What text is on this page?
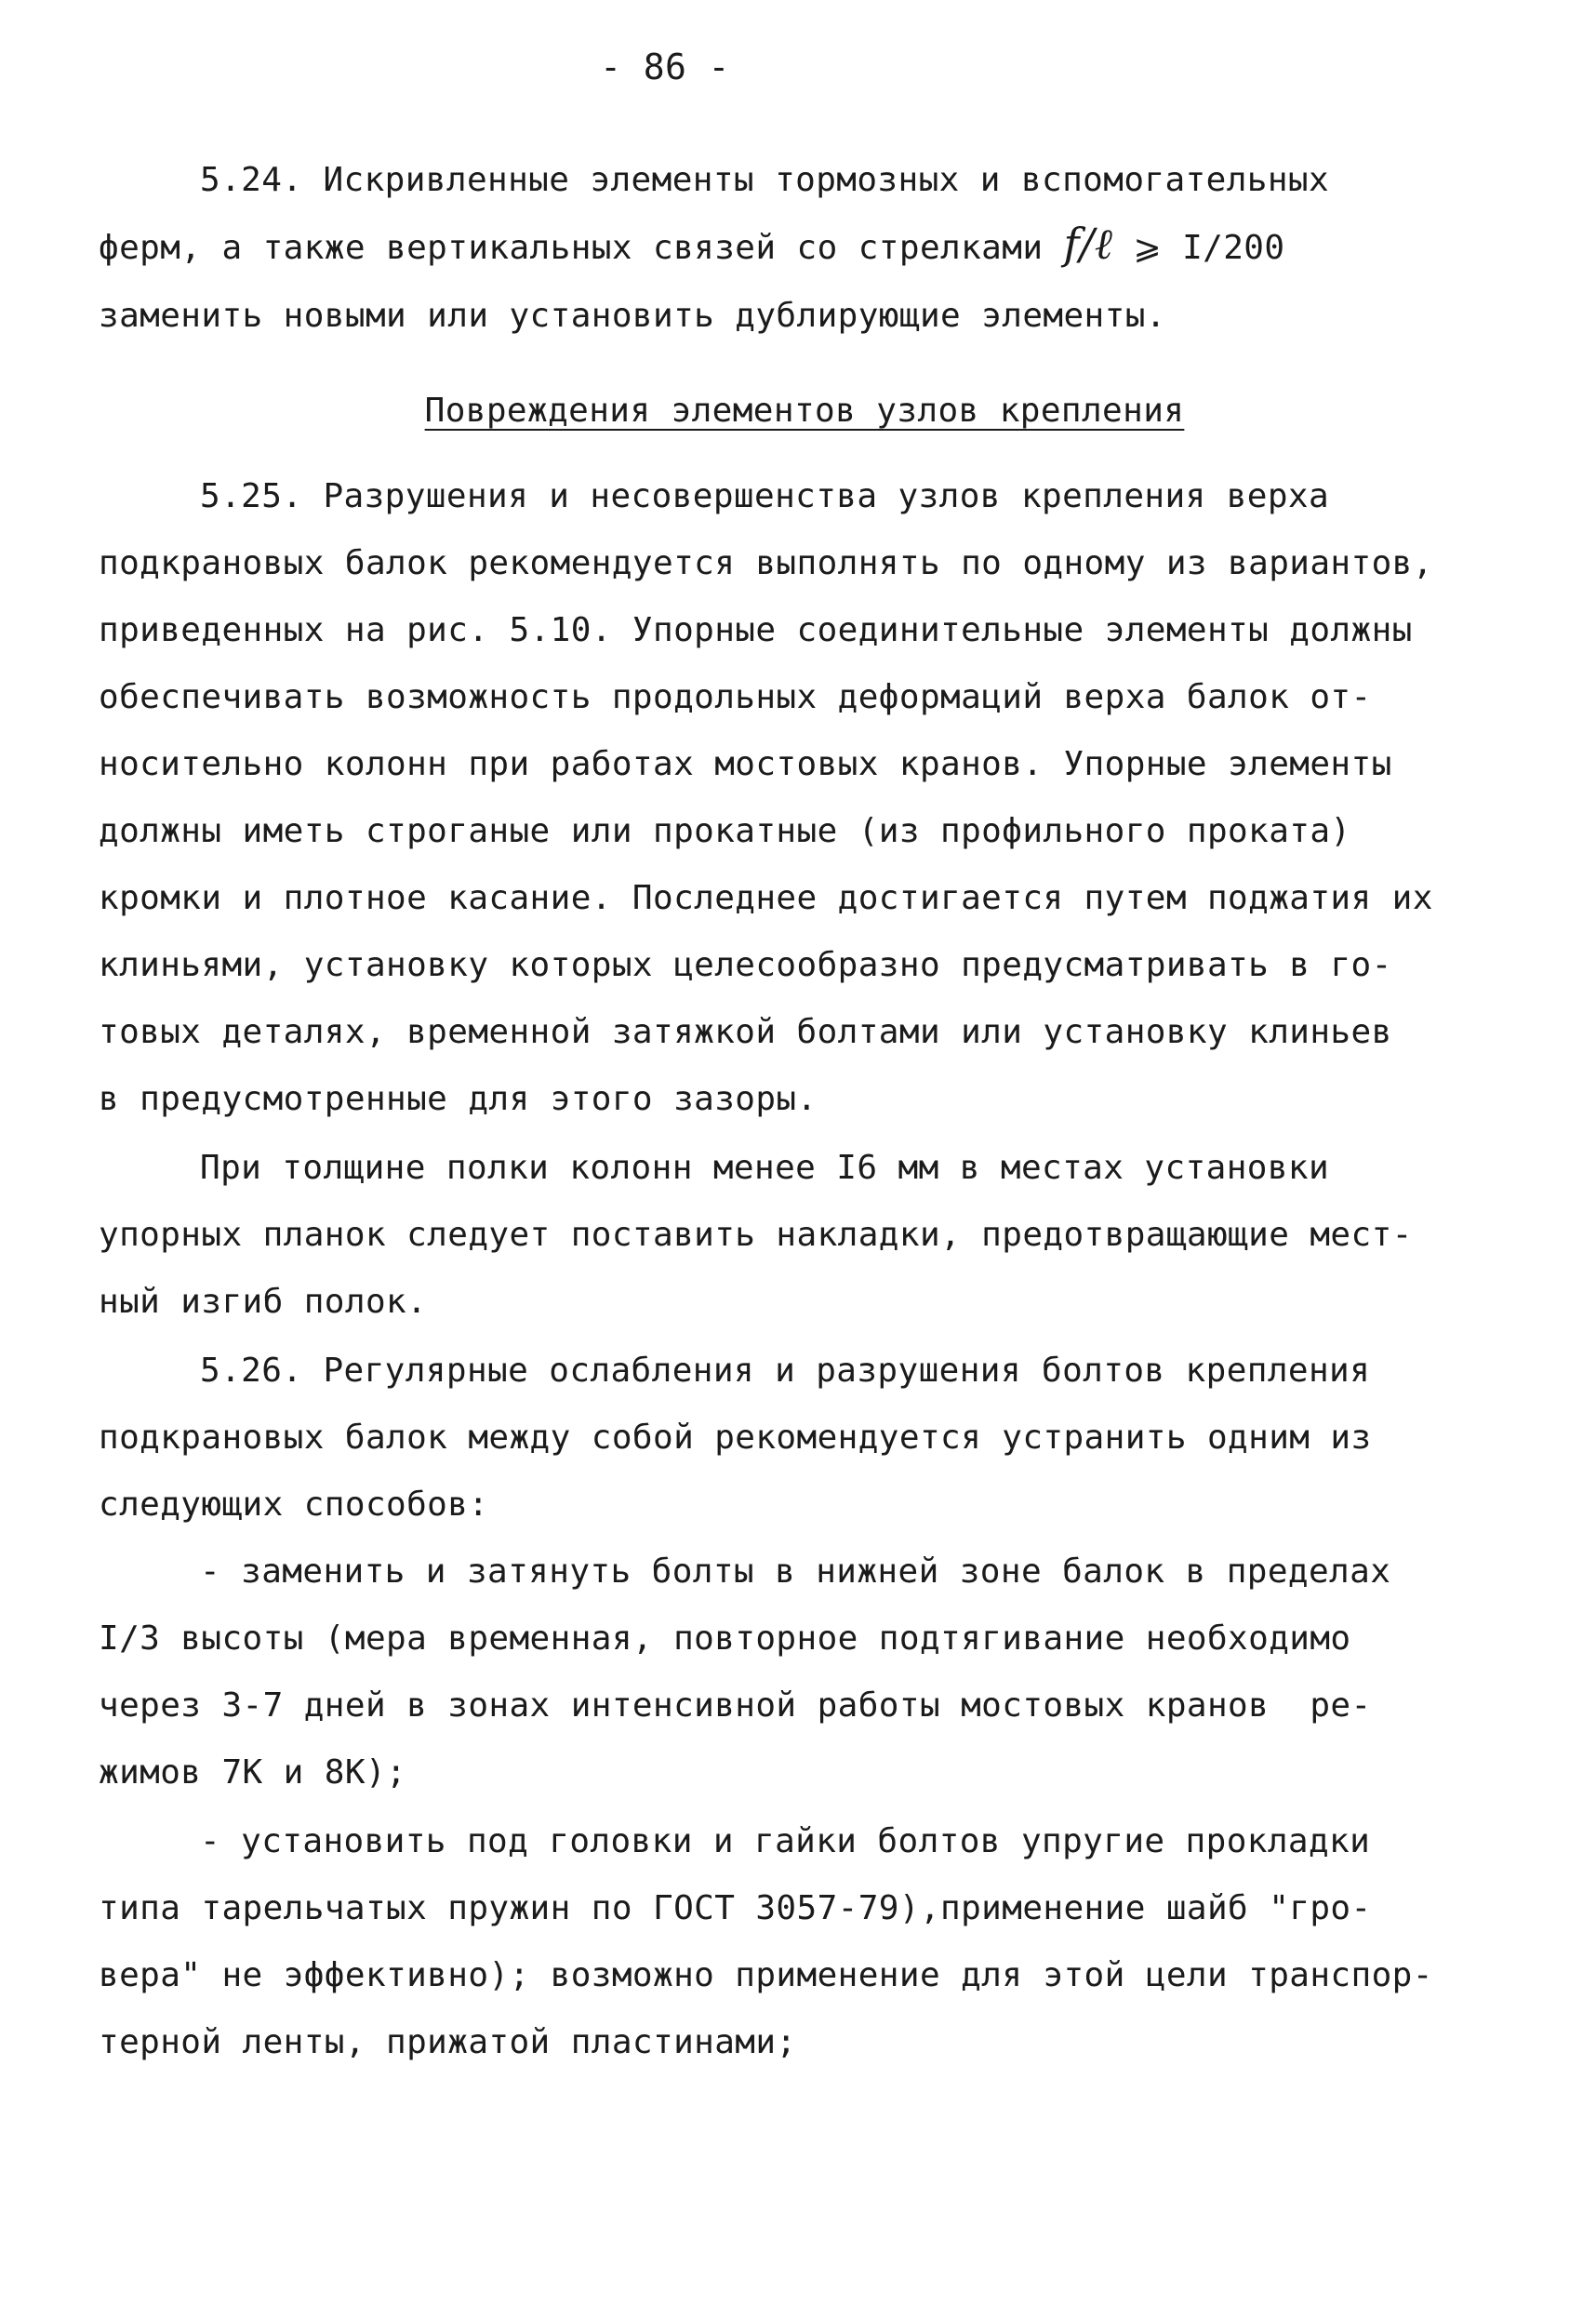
- 86 -
5.24. Искривленные элементы тормозных и вспомогательных
ферм, а также вертикальных связей со стрелками f/ℓ ⩾ I/200
заменить новыми или установить дублирующие элементы.
Повреждения элементов узлов крепления
5.25. Разрушения и несовершенства узлов крепления верха
подкрановых балок рекомендуется выполнять по одному из вариантов,
приведенных на рис. 5.10. Упорные соединительные элементы должны
обеспечивать возможность продольных деформаций верха балок от-
носительно колонн при работах мостовых кранов. Упорные элементы
должны иметь строганые или прокатные (из профильного проката)
кромки и плотное касание. Последнее достигается путем поджатия их
клиньями, установку которых целесообразно предусматривать в го-
товых деталях, временной затяжкой болтами или установку клиньев
в предусмотренные для этого зазоры.
При толщине полки колонн менее I6 мм в местах установки
упорных планок следует поставить накладки, предотвращающие мест-
ный изгиб полок.
5.26. Регулярные ослабления и разрушения болтов крепления
подкрановых балок между собой рекомендуется устранить одним из
следующих способов:
- заменить и затянуть болты в нижней зоне балок в пределах
I/3 высоты (мера временная, повторное подтягивание необходимо
через 3-7 дней в зонах интенсивной работы мостовых кранов  ре-
жимов 7К и 8К);
- установить под головки и гайки болтов упругие прокладки
типа тарельчатых пружин по ГОСТ 3057-79),применение шайб "гро-
вера" не эффективно); возможно применение для этой цели транспор-
терной ленты, прижатой пластинами;
